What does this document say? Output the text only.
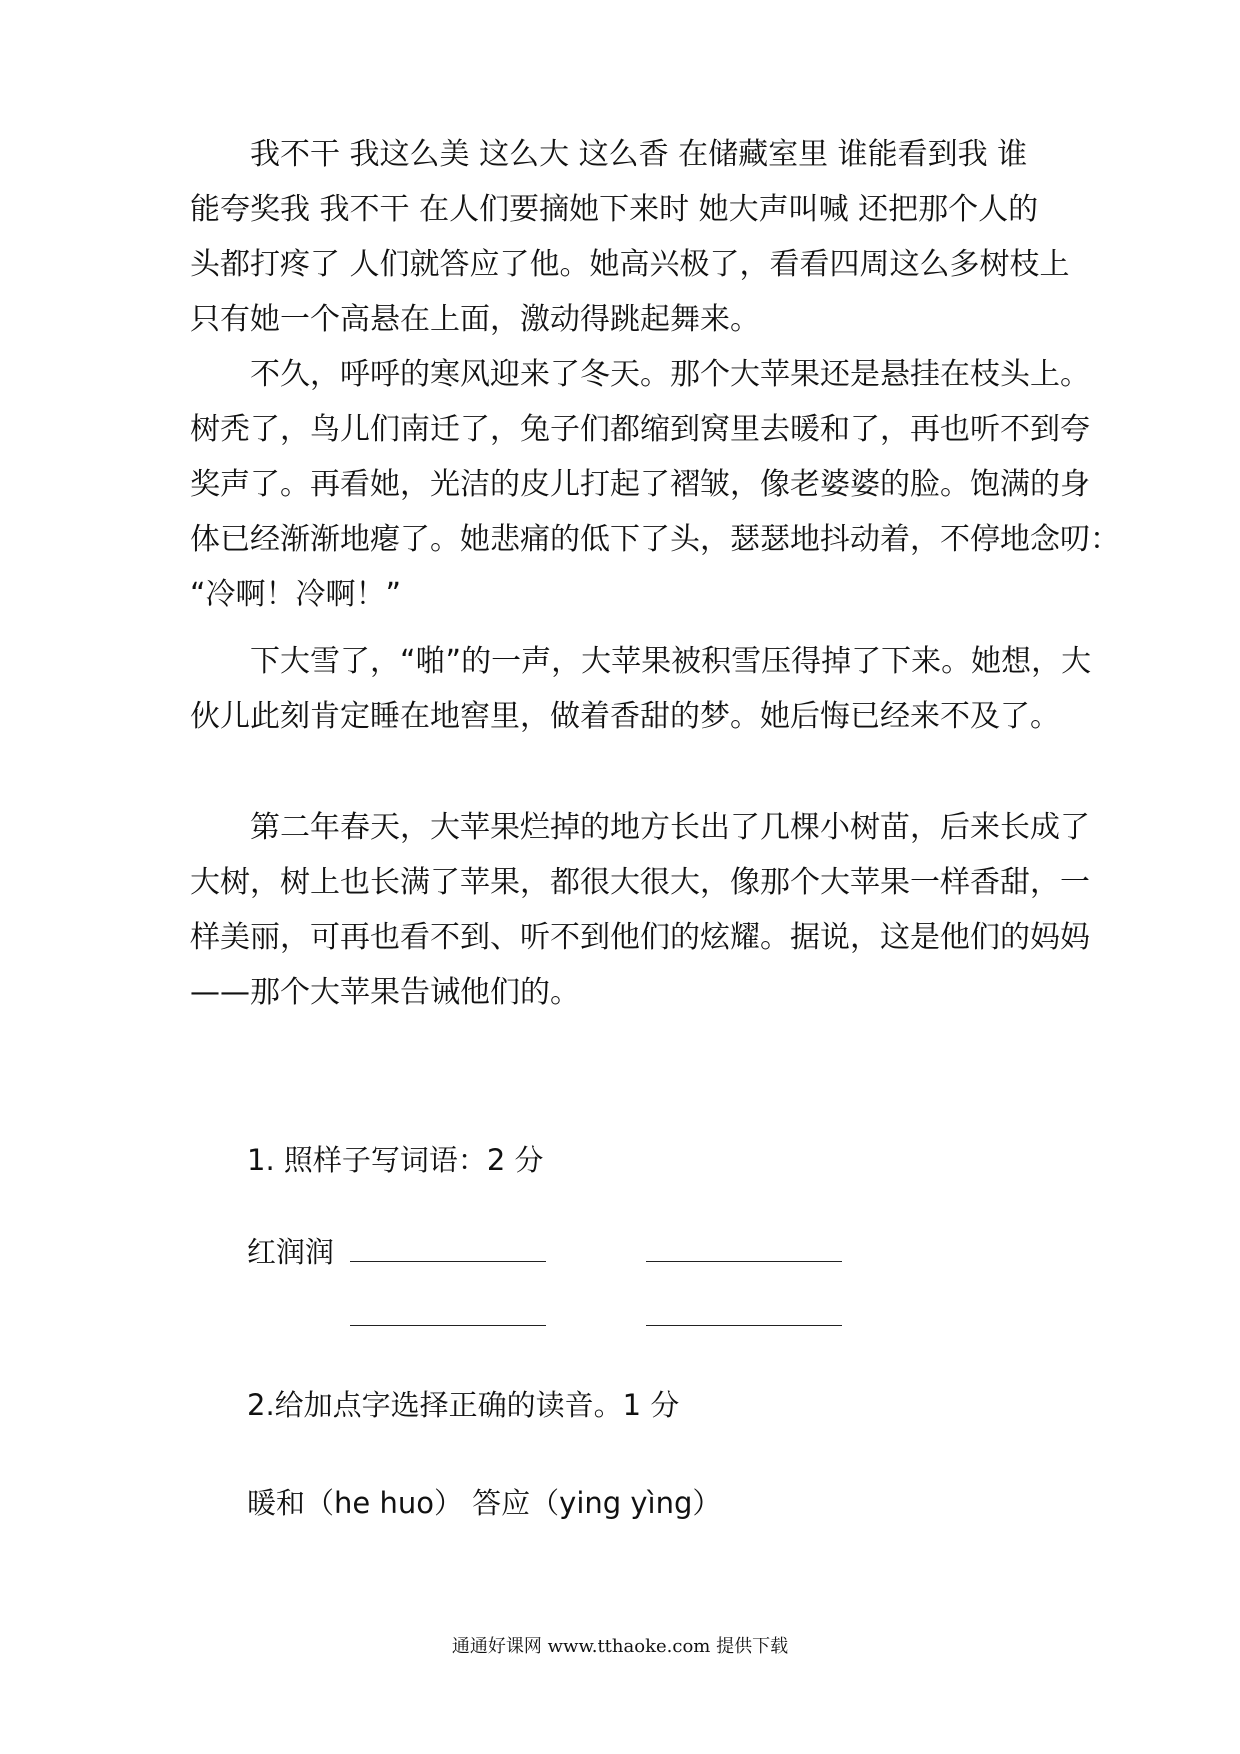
　　我不干 我这么美 这么大 这么香 在储藏室里 谁能看到我 谁
能夸奖我 我不干 在人们要摘她下来时 她大声叫喊 还把那个人的
头都打疼了 人们就答应了他。她高兴极了，看看四周这么多树枝上
只有她一个高悬在上面，激动得跳起舞来。
　　不久，呼呼的寒风迎来了冬天。那个大苹果还是悬挂在枝头上。
树秃了，鸟儿们南迁了，兔子们都缩到窝里去暖和了，再也听不到夸
奖声了。再看她，光洁的皮儿打起了褶皱，像老婆婆的脸。饱满的身
体已经渐渐地瘪了。她悲痛的低下了头，瑟瑟地抖动着，不停地念叨：
“冷啊！冷啊！”
　　下大雪了，“啪”的一声，大苹果被积雪压得掉了下来。她想，大
伙儿此刻肯定睡在地窖里，做着香甜的梦。她后悔已经来不及了。
　　第二年春天，大苹果烂掉的地方长出了几棵小树苗，后来长成了
大树，树上也长满了苹果，都很大很大，像那个大苹果一样香甜，一
样美丽，可再也看不到、听不到他们的炫耀。据说，这是他们的妈妈
——那个大苹果告诫他们的。
1. 照样子写词语：2 分
红润润
2.给加点字选择正确的读音。1 分
暖和（he huo） 答应（ying yìng）
通通好课网 www.tthaoke.com 提供下载
